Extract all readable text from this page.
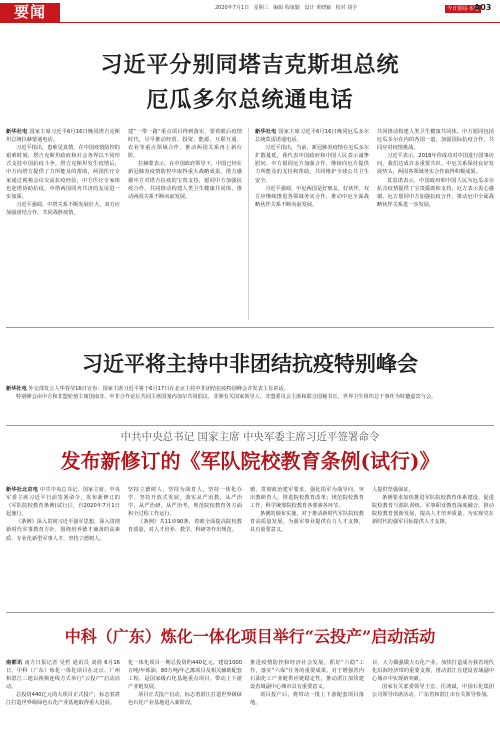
要闻	2020年7月1日 星期三 编辑 程康勤 设计 黄晓颖 校对 胡宇	今日要闻·本地
A03
习近平分别同塔吉克斯坦总统
厄瓜多尔总统通电话

新华社电 国家主席习近平6月16日晚同塔吉克斯坦总统拉赫蒙通电话。

习近平指出，患难见真情。在中国疫情防控的艰难时刻，塔吉克斯坦政府和社会各界以不同形式支持中国抗疫斗争。塔吉克斯坦发生疫情后，中方向塔方提供了力所能及的帮助，两国医疗专家通过视频会议交流抗疫经验，中方医疗专家组也赴塔协助抗疫，中塔两国同舟共济的友谊进一步加深。

习近平强调，中塔关系不断发展壮大，双方应加强团结合作，共同战胜疫情。

建“一带一路”重点项目得到落实，要着眼后疫情时代，尽早推动经贸、投资、能源、互联互通、农业等重点领域合作，推动两国关系再上新台阶。

拉赫蒙表示，在中国政府领导下，中国已经在新冠肺炎疫情防控中取得重大战略成果。塔方感谢中方对塔方抗疫的宝贵支持，愿同中方加强抗疫合作，共同推动构建人类卫生健康共同体，推动两国关系不断向前发展。

新华社电 国家主席习近平6月16日晚同厄瓜多尔总统莫雷诺通电话。

习近平指出，当前，新冠肺炎疫情在厄瓜多尔扩散蔓延，我代表中国政府和中国人民表示诚挚慰问。中方愿同厄方加强合作，继续向厄方提供力所能及的支持和帮助，共同维护全球公共卫生安全。

习近平强调，中厄两国是好朋友、好伙伴。双方应继续推进各领域务实合作，推动中厄全面战略伙伴关系不断向前发展。

共同推动构建人类卫生健康共同体。中方愿同包括厄瓜多尔在内的各国一道，加强国际抗疫合作，共同应对疫情挑战。

习近平表示，2018年你成功对中国进行国事访问，我们达成许多重要共识。中厄关系保持良好发展势头，两国各领域务实合作取得积极成果。

莫雷诺表示，中国政府和中国人民为厄瓜多尔抗击疫情提供了宝贵援助和支持，厄方表示衷心感谢。厄方愿同中方加强抗疫合作，推动厄中全面战略伙伴关系进一步发展。

习近平将主持中非团结抗疫特别峰会

新华社电 外交部发言人华春莹16日宣布：国家主席习近平将于6月17日在北京主持中非团结抗疫特别峰会并发表主旨讲话。

特别峰会由中方和非盟轮值主席国南非、中非合作论坛共同主席国塞内加尔共同倡议，非洲有关国家领导人、非盟委员会主席和联合国秘书长、世界卫生组织总干事作为特邀嘉宾与会。

中共中央总书记 国家主席 中央军委主席习近平签署命令
发布新修订的《军队院校教育条例(试行)》

新华社北京电 中共中央总书记、国家主席、中央军委主席习近平日前签署命令，发布新修订的《军队院校教育条例(试行)》，自2020年7月1日起施行。

《条例》深入贯彻习近平强军思想，深入贯彻新时代军事教育方针，围绕培养德才兼备的高素质、专业化新型军事人才，坚持立德树人。

坚持立德树人，坚持为战育人，坚持一体化办学，坚持开放式发展，落实从严治教，从严治学，从严治研，从严治考，规范院校教育各方面和全过程工作运行。

《条例》共11章90条，着眼全面提高院校教育质量，对人才培养、教学、科研等作出规范。

德、贯彻政治建军要求，强化指军为战导向，突出教研育人，推进院校教育改革；规范院校教育工作，科学统筹院校教育各要素各环节。

条例的颁布实施，对于推动新时代军队院校教育高质量发展，为强军事业提供有力人才支撑，具有重要意义。

人提供坚强保证。

条例要求加快推进军队院校教育体系建设，促进院校教育与部队训练、军事职业教育深度融合，推动院校教育创新发展，提高人才培养质量，为实现党在新时代的强军目标提供人才支撑。

中科（广东）炼化一体化项目举行“云投产”启动活动

南都讯 南方日报记者 吴哲 通讯员 刘倩 6月16日，中科（广东）炼化一体化项目在北京、广州和湛江三地以视频连线方式举行“云投产”启动活动。

总投资440亿元的大项目正式投产，标志着湛江打造世界级绿色石化产业基地取得重大进展。

化一体化项目一期总投资约440亿元，建设1000万吨/年炼油、80万吨/年乙烯项目及相关辅助配套工程，是国家级石化基地重点项目，带动上下游产业链发展。

项目正式投产启动，标志着湛江打造世界级绿色石化产业基地进入新阶段。

推进疫情防控和经济社会发展，抓好“六稳”工作，落实“六保”任务的重要成果。对于增强省内石油化工产业链供应链稳定性，推动湛江加快建设省域副中心城市具有重要意义。

项目投产后，将带动一批上下游配套项目落地。

目，大力做强做大石化产业。加快打造成为我省现代化沿海经济带的重要支撑，推动湛江在建设省域副中心城市中实现新突破。

国家有关部委领导王宏、任鸿斌，中国石化集团公司领导出席活动，广东省和湛江市有关领导参加。
